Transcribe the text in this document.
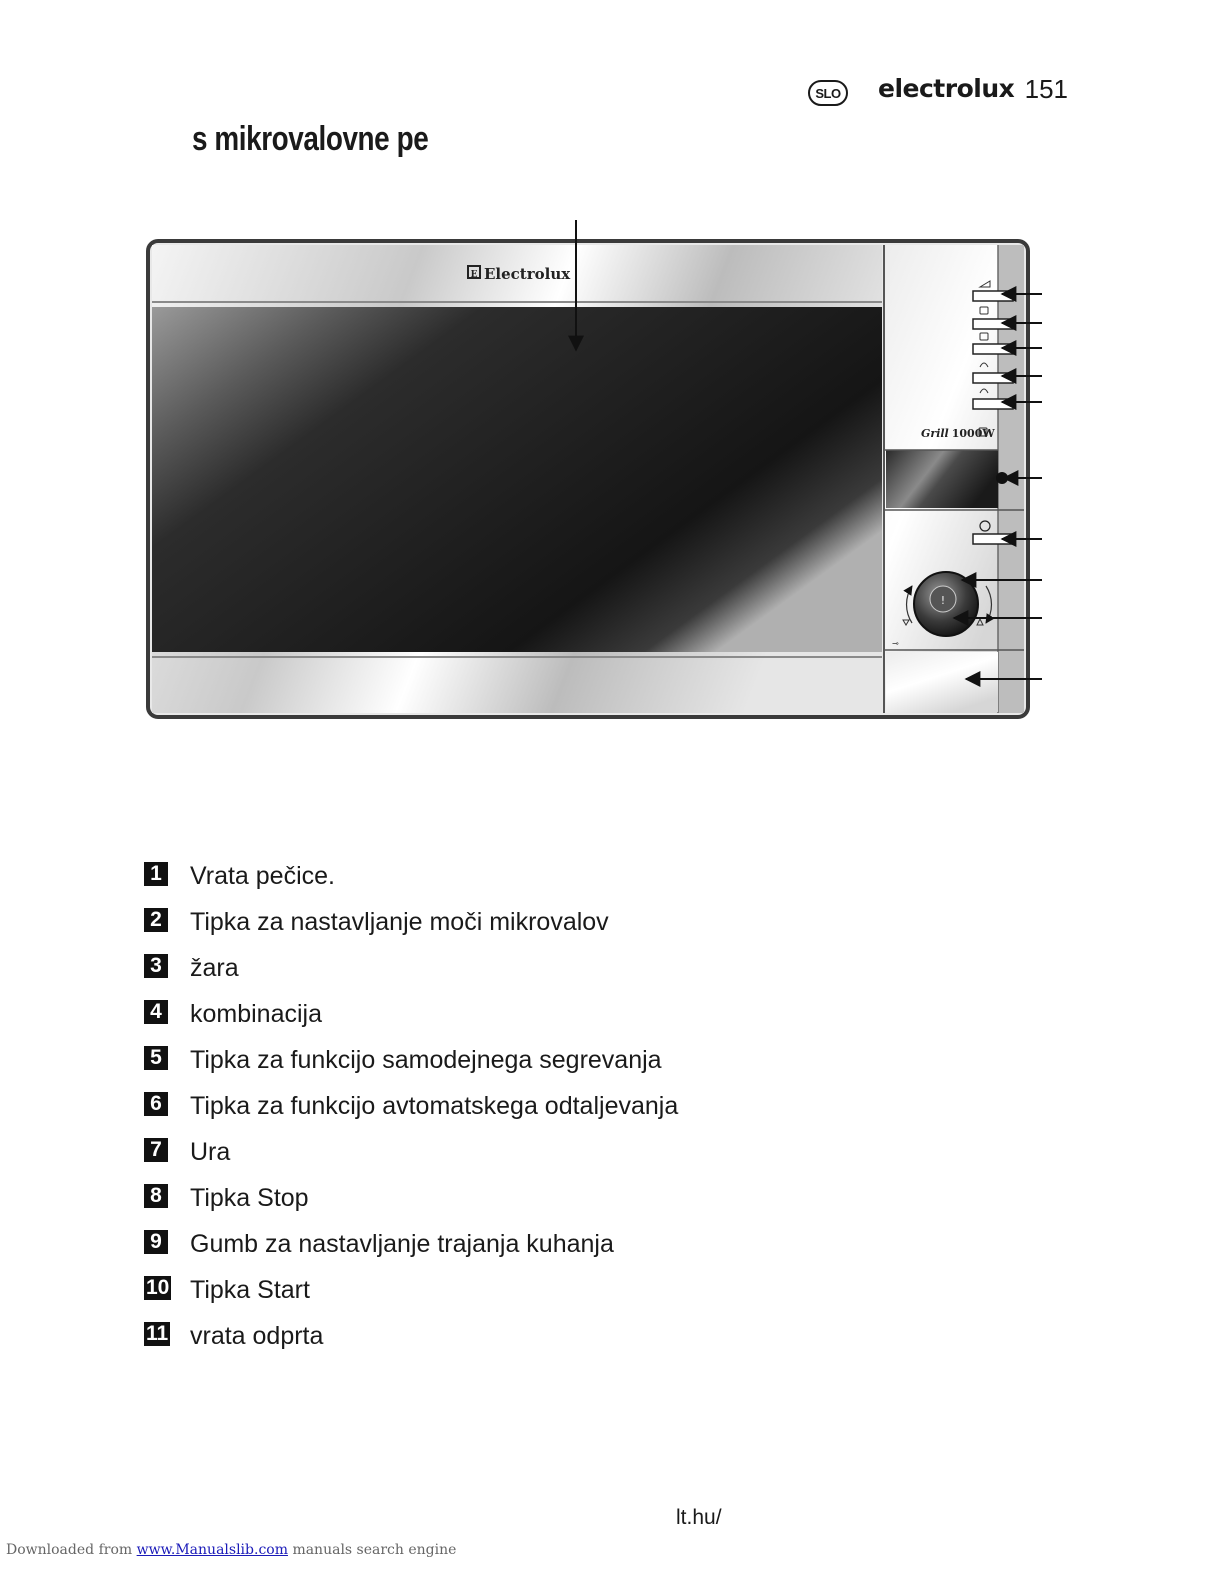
SLO electrolux 151
s mikrovalovne pe
E Electrolux
Grill 1000W
!
⊸
1 Vrata pečice.
2 Tipka za nastavljanje moči mikrovalov
3 žara
4 kombinacija
5 Tipka za funkcijo samodejnega segrevanja
6 Tipka za funkcijo avtomatskega odtaljevanja
7 Ura
8 Tipka Stop
9 Gumb za nastavljanje trajanja kuhanja
10 Tipka Start
11 vrata odprta
lt.hu/
Downloaded from www.Manualslib.com manuals search engine
